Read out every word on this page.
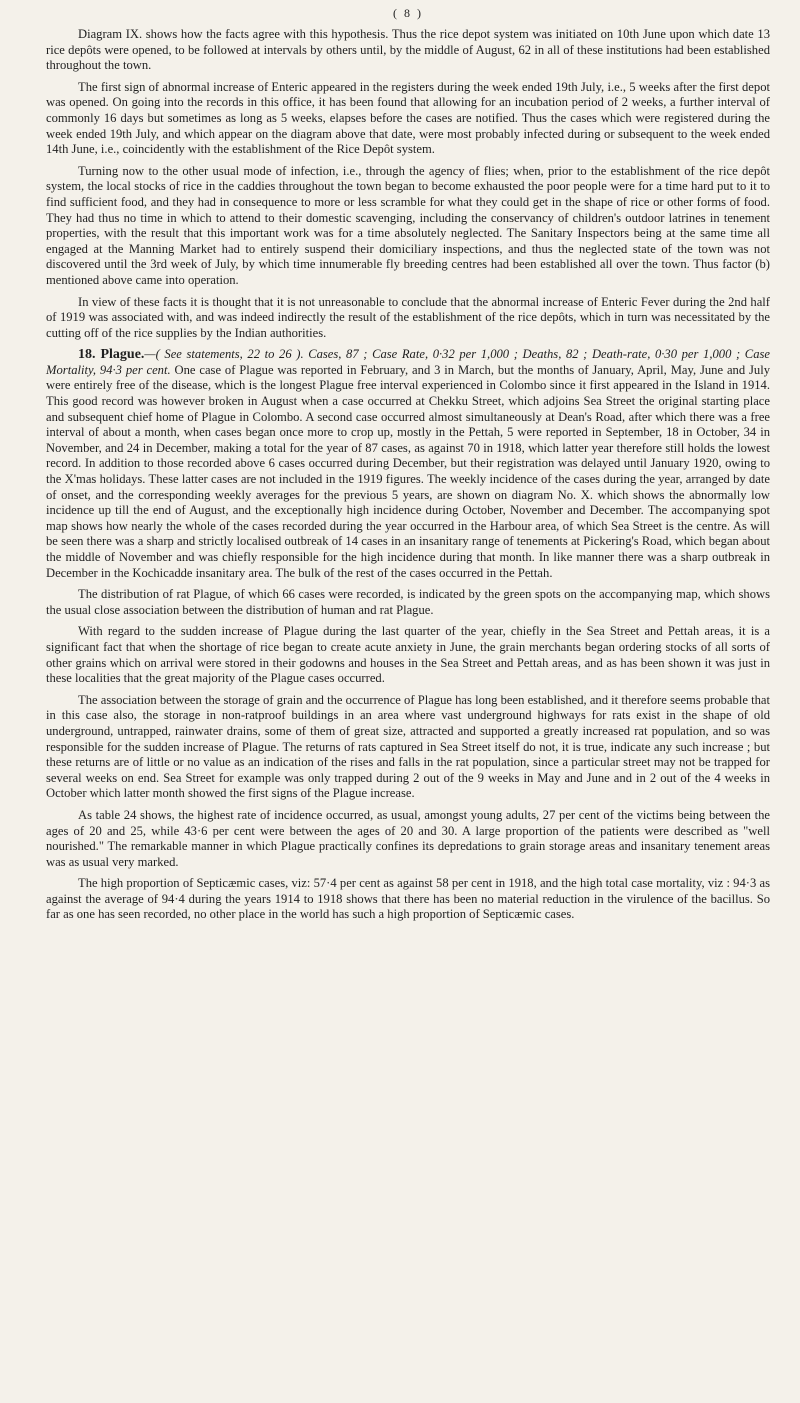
( 8 )

Diagram IX. shows how the facts agree with this hypothesis. Thus the rice depot system was initiated on 10th June upon which date 13 rice depôts were opened, to be followed at intervals by others until, by the middle of August, 62 in all of these institutions had been established throughout the town.

The first sign of abnormal increase of Enteric appeared in the registers during the week ended 19th July, i.e., 5 weeks after the first depot was opened. On going into the records in this office, it has been found that allowing for an incubation period of 2 weeks, a further interval of commonly 16 days but sometimes as long as 5 weeks, elapses before the cases are notified. Thus the cases which were registered during the week ended 19th July, and which appear on the diagram above that date, were most probably infected during or subsequent to the week ended 14th June, i.e., coincidently with the establishment of the Rice Depôt system.

Turning now to the other usual mode of infection, i.e., through the agency of flies; when, prior to the establishment of the rice depôt system, the local stocks of rice in the caddies throughout the town began to become exhausted the poor people were for a time hard put to it to find sufficient food, and they had in consequence to more or less scramble for what they could get in the shape of rice or other forms of food. They had thus no time in which to attend to their domestic scavenging, including the conservancy of children's outdoor latrines in tenement properties, with the result that this important work was for a time absolutely neglected. The Sanitary Inspectors being at the same time all engaged at the Manning Market had to entirely suspend their domiciliary inspections, and thus the neglected state of the town was not discovered until the 3rd week of July, by which time innumerable fly breeding centres had been established all over the town. Thus factor (b) mentioned above came into operation.

In view of these facts it is thought that it is not unreasonable to conclude that the abnormal increase of Enteric Fever during the 2nd half of 1919 was associated with, and was indeed indirectly the result of the establishment of the rice depôts, which in turn was necessitated by the cutting off of the rice supplies by the Indian authorities.

18. Plague.—( See statements, 22 to 26 ). Cases, 87 ; Case Rate, 0·32 per 1,000 ; Deaths, 82 ; Death-rate, 0·30 per 1,000 ; Case Mortality, 94·3 per cent. One case of Plague was reported in February, and 3 in March, but the months of January, April, May, June and July were entirely free of the disease, which is the longest Plague free interval experienced in Colombo since it first appeared in the Island in 1914. This good record was however broken in August when a case occurred at Chekku Street, which adjoins Sea Street the original starting place and subsequent chief home of Plague in Colombo. A second case occurred almost simultaneously at Dean's Road, after which there was a free interval of about a month, when cases began once more to crop up, mostly in the Pettah, 5 were reported in September, 18 in October, 34 in November, and 24 in December, making a total for the year of 87 cases, as against 70 in 1918, which latter year therefore still holds the lowest record. In addition to those recorded above 6 cases occurred during December, but their registration was delayed until January 1920, owing to the X'mas holidays. These latter cases are not included in the 1919 figures. The weekly incidence of the cases during the year, arranged by date of onset, and the corresponding weekly averages for the previous 5 years, are shown on diagram No. X. which shows the abnormally low incidence up till the end of August, and the exceptionally high incidence during October, November and December. The accompanying spot map shows how nearly the whole of the cases recorded during the year occurred in the Harbour area, of which Sea Street is the centre. As will be seen there was a sharp and strictly localised outbreak of 14 cases in an insanitary range of tenements at Pickering's Road, which began about the middle of November and was chiefly responsible for the high incidence during that month. In like manner there was a sharp outbreak in December in the Kochicadde insanitary area. The bulk of the rest of the cases occurred in the Pettah.

The distribution of rat Plague, of which 66 cases were recorded, is indicated by the green spots on the accompanying map, which shows the usual close association between the distribution of human and rat Plague.

With regard to the sudden increase of Plague during the last quarter of the year, chiefly in the Sea Street and Pettah areas, it is a significant fact that when the shortage of rice began to create acute anxiety in June, the grain merchants began ordering stocks of all sorts of other grains which on arrival were stored in their godowns and houses in the Sea Street and Pettah areas, and as has been shown it was just in these localities that the great majority of the Plague cases occurred.

The association between the storage of grain and the occurrence of Plague has long been established, and it therefore seems probable that in this case also, the storage in non-ratproof buildings in an area where vast underground highways for rats exist in the shape of old underground, untrapped, rainwater drains, some of them of great size, attracted and supported a greatly increased rat population, and so was responsible for the sudden increase of Plague. The returns of rats captured in Sea Street itself do not, it is true, indicate any such increase ; but these returns are of little or no value as an indication of the rises and falls in the rat population, since a particular street may not be trapped for several weeks on end. Sea Street for example was only trapped during 2 out of the 9 weeks in May and June and in 2 out of the 4 weeks in October which latter month showed the first signs of the Plague increase.

As table 24 shows, the highest rate of incidence occurred, as usual, amongst young adults, 27 per cent of the victims being between the ages of 20 and 25, while 43·6 per cent were between the ages of 20 and 30. A large proportion of the patients were described as "well nourished." The remarkable manner in which Plague practically confines its depredations to grain storage areas and insanitary tenement areas was as usual very marked.

The high proportion of Septicæmic cases, viz: 57·4 per cent as against 58 per cent in 1918, and the high total case mortality, viz : 94·3 as against the average of 94·4 during the years 1914 to 1918 shows that there has been no material reduction in the virulence of the bacillus. So far as one has seen recorded, no other place in the world has such a high proportion of Septicæmic cases.
